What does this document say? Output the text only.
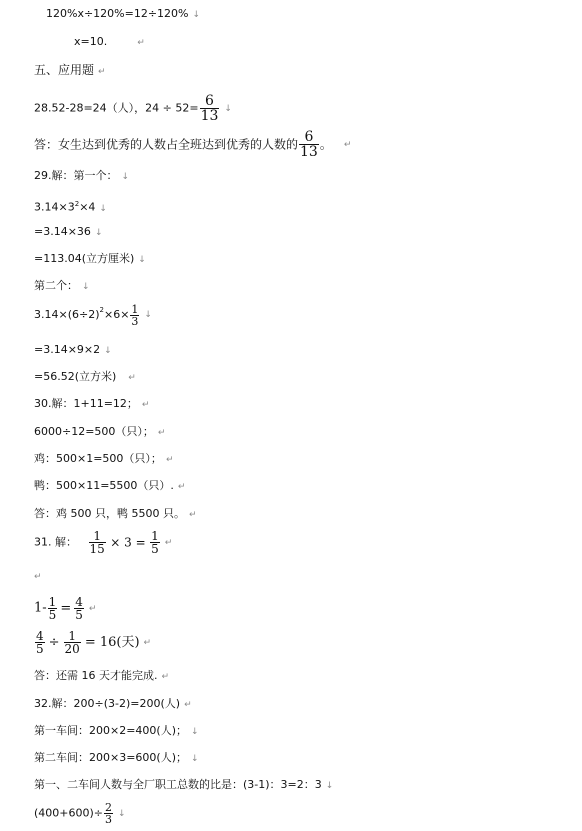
120%x÷120%=12÷120% ↓
x=10.	↵
五、应用题 ↵
28.52-28=24（人），$24 \div 52= \frac{6}{13}$ ↓
答：女生达到优秀的人数占全班达到优秀的人数的 $\frac{6}{13}$ 。 ↵
29.解：第一个： ↓
$3.14\times 3^2\times 4$ ↓
=3.14×36 ↓
=113.04(立方厘米) ↓
第二个： ↓
$3.14\times(6\div 2)^2\times 6\times \frac{1}{3}$ ↓
=3.14×9×2 ↓
=56.52(立方米) ↵
30.解：1+11=12； ↵
6000÷12=500（只）； ↵
鸡：500×1=500（只）； ↵
鸭：500×11=5500（只）. ↵
答：鸡 500 只，鸭 5500 只。 ↵
31. 解： $\frac{1}{15} \times 3 = \frac{1}{5}$ ↵
↵
$1- \frac{1}{5} = \frac{4}{5}$ ↵
$\frac{4}{5} \div \frac{1}{20} = 16$(天) ↵
答：还需 16 天才能完成. ↵
32.解：200÷(3-2)=200(人) ↵
第一车间：200×2=400(人)； ↓
第二车间：200×3=600(人)； ↓
第一、二车间人数与全厂职工总数的比是：(3-1)：3=2：3 ↓
$(400+600)\div \frac{2}{3}$ ↓
